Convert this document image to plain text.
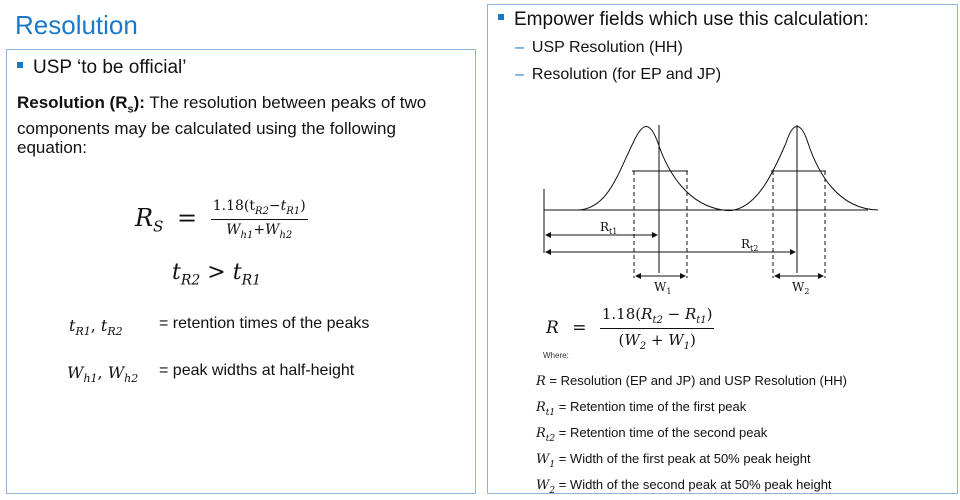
Resolution
USP ‘to be official’
Resolution $(R_s)$: The resolution between peaks of two components may be calculated using the following equation:
$R_S = \frac{1.18(t_{R2}-t_{R1})}{W_{h1}+W_{h2}}$
$t_{R2} > t_{R1}$
$t_{R1}$, $t_{R2}$ = retention times of the peaks
$W_{h1}$, $W_{h2}$ = peak widths at half-height
Empower fields which use this calculation:
– USP Resolution (HH)
– Resolution (for EP and JP)
$R_{t1}$
$R_{t2}$
$W_1$	$W_2$
$R = \frac{1.18(R_{t2} - R_{t1})}{(W_2 + W_1)}$
Where:
R = Resolution (EP and JP) and USP Resolution (HH)
$R_{t1}$ = Retention time of the first peak
$R_{t2}$ = Retention time of the second peak
$W_1$ = Width of the first peak at 50% peak height
$W_2$ = Width of the second peak at 50% peak height
